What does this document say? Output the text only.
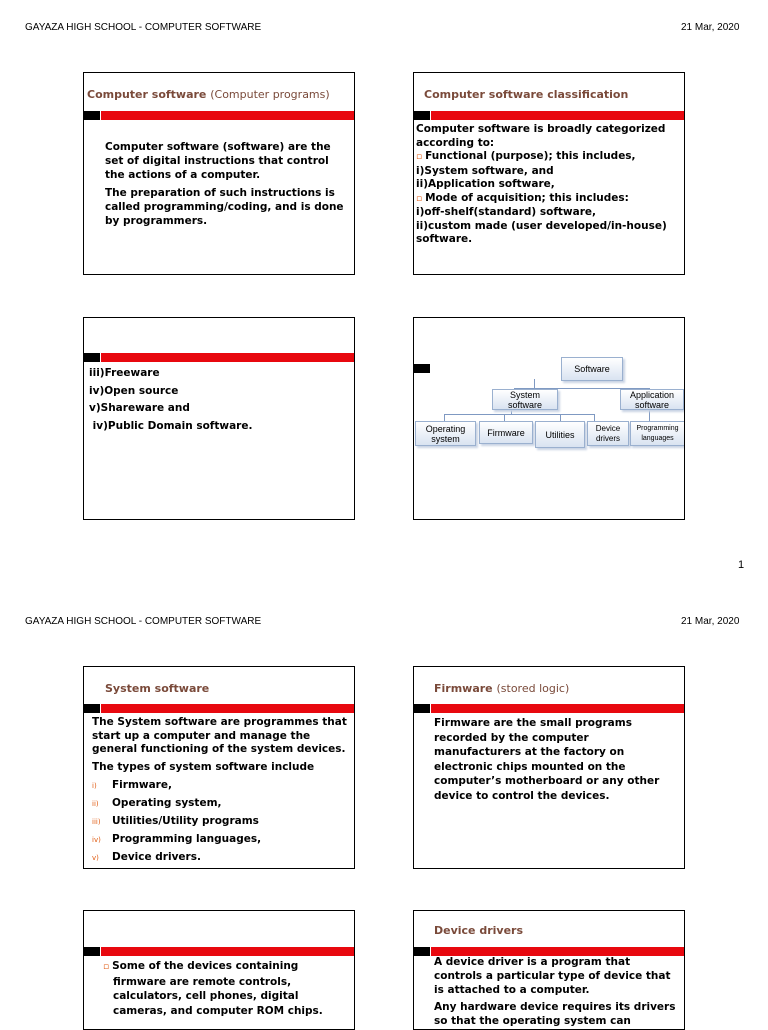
GAYAZA HIGH SCHOOL - COMPUTER SOFTWARE	21 Mar, 2020
Computer software (Computer programs)

Computer software (software) are the set of digital instructions that control the actions of a computer.

The preparation of such instructions is called programming/coding, and is done by programmers.

Computer software classification

Computer software is broadly categorized according to:

▫ Functional (purpose); this includes,

i)System software, and

ii)Application software,

▫ Mode of acquisition; this includes:

i)off-shelf(standard) software,

ii)custom made (user developed/in-house) software.

iii)Freeware

iv)Open source

v)Shareware and

iv)Public Domain software.

Software
System software
Application software
Operating system
Firmware	Utilities
Device drivers
Programming languages
1
GAYAZA HIGH SCHOOL - COMPUTER SOFTWARE	21 Mar, 2020
System software

The System software are programmes that start up a computer and manage the general functioning of the system devices.

The types of system software include

i) Firmware,

ii) Operating system,

iii) Utilities/Utility programs

iv) Programming languages,

v) Device drivers.

Firmware (stored logic)

Firmware are the small programs recorded by the computer manufacturers at the factory on electronic chips mounted on the computer’s motherboard or any other device to control the devices.

▫ Some of the devices containing firmware are remote controls, calculators, cell phones, digital cameras, and computer ROM chips.

Device drivers

A device driver is a program that controls a particular type of device that is attached to a computer.

Any hardware device requires its drivers so that the operating system can
